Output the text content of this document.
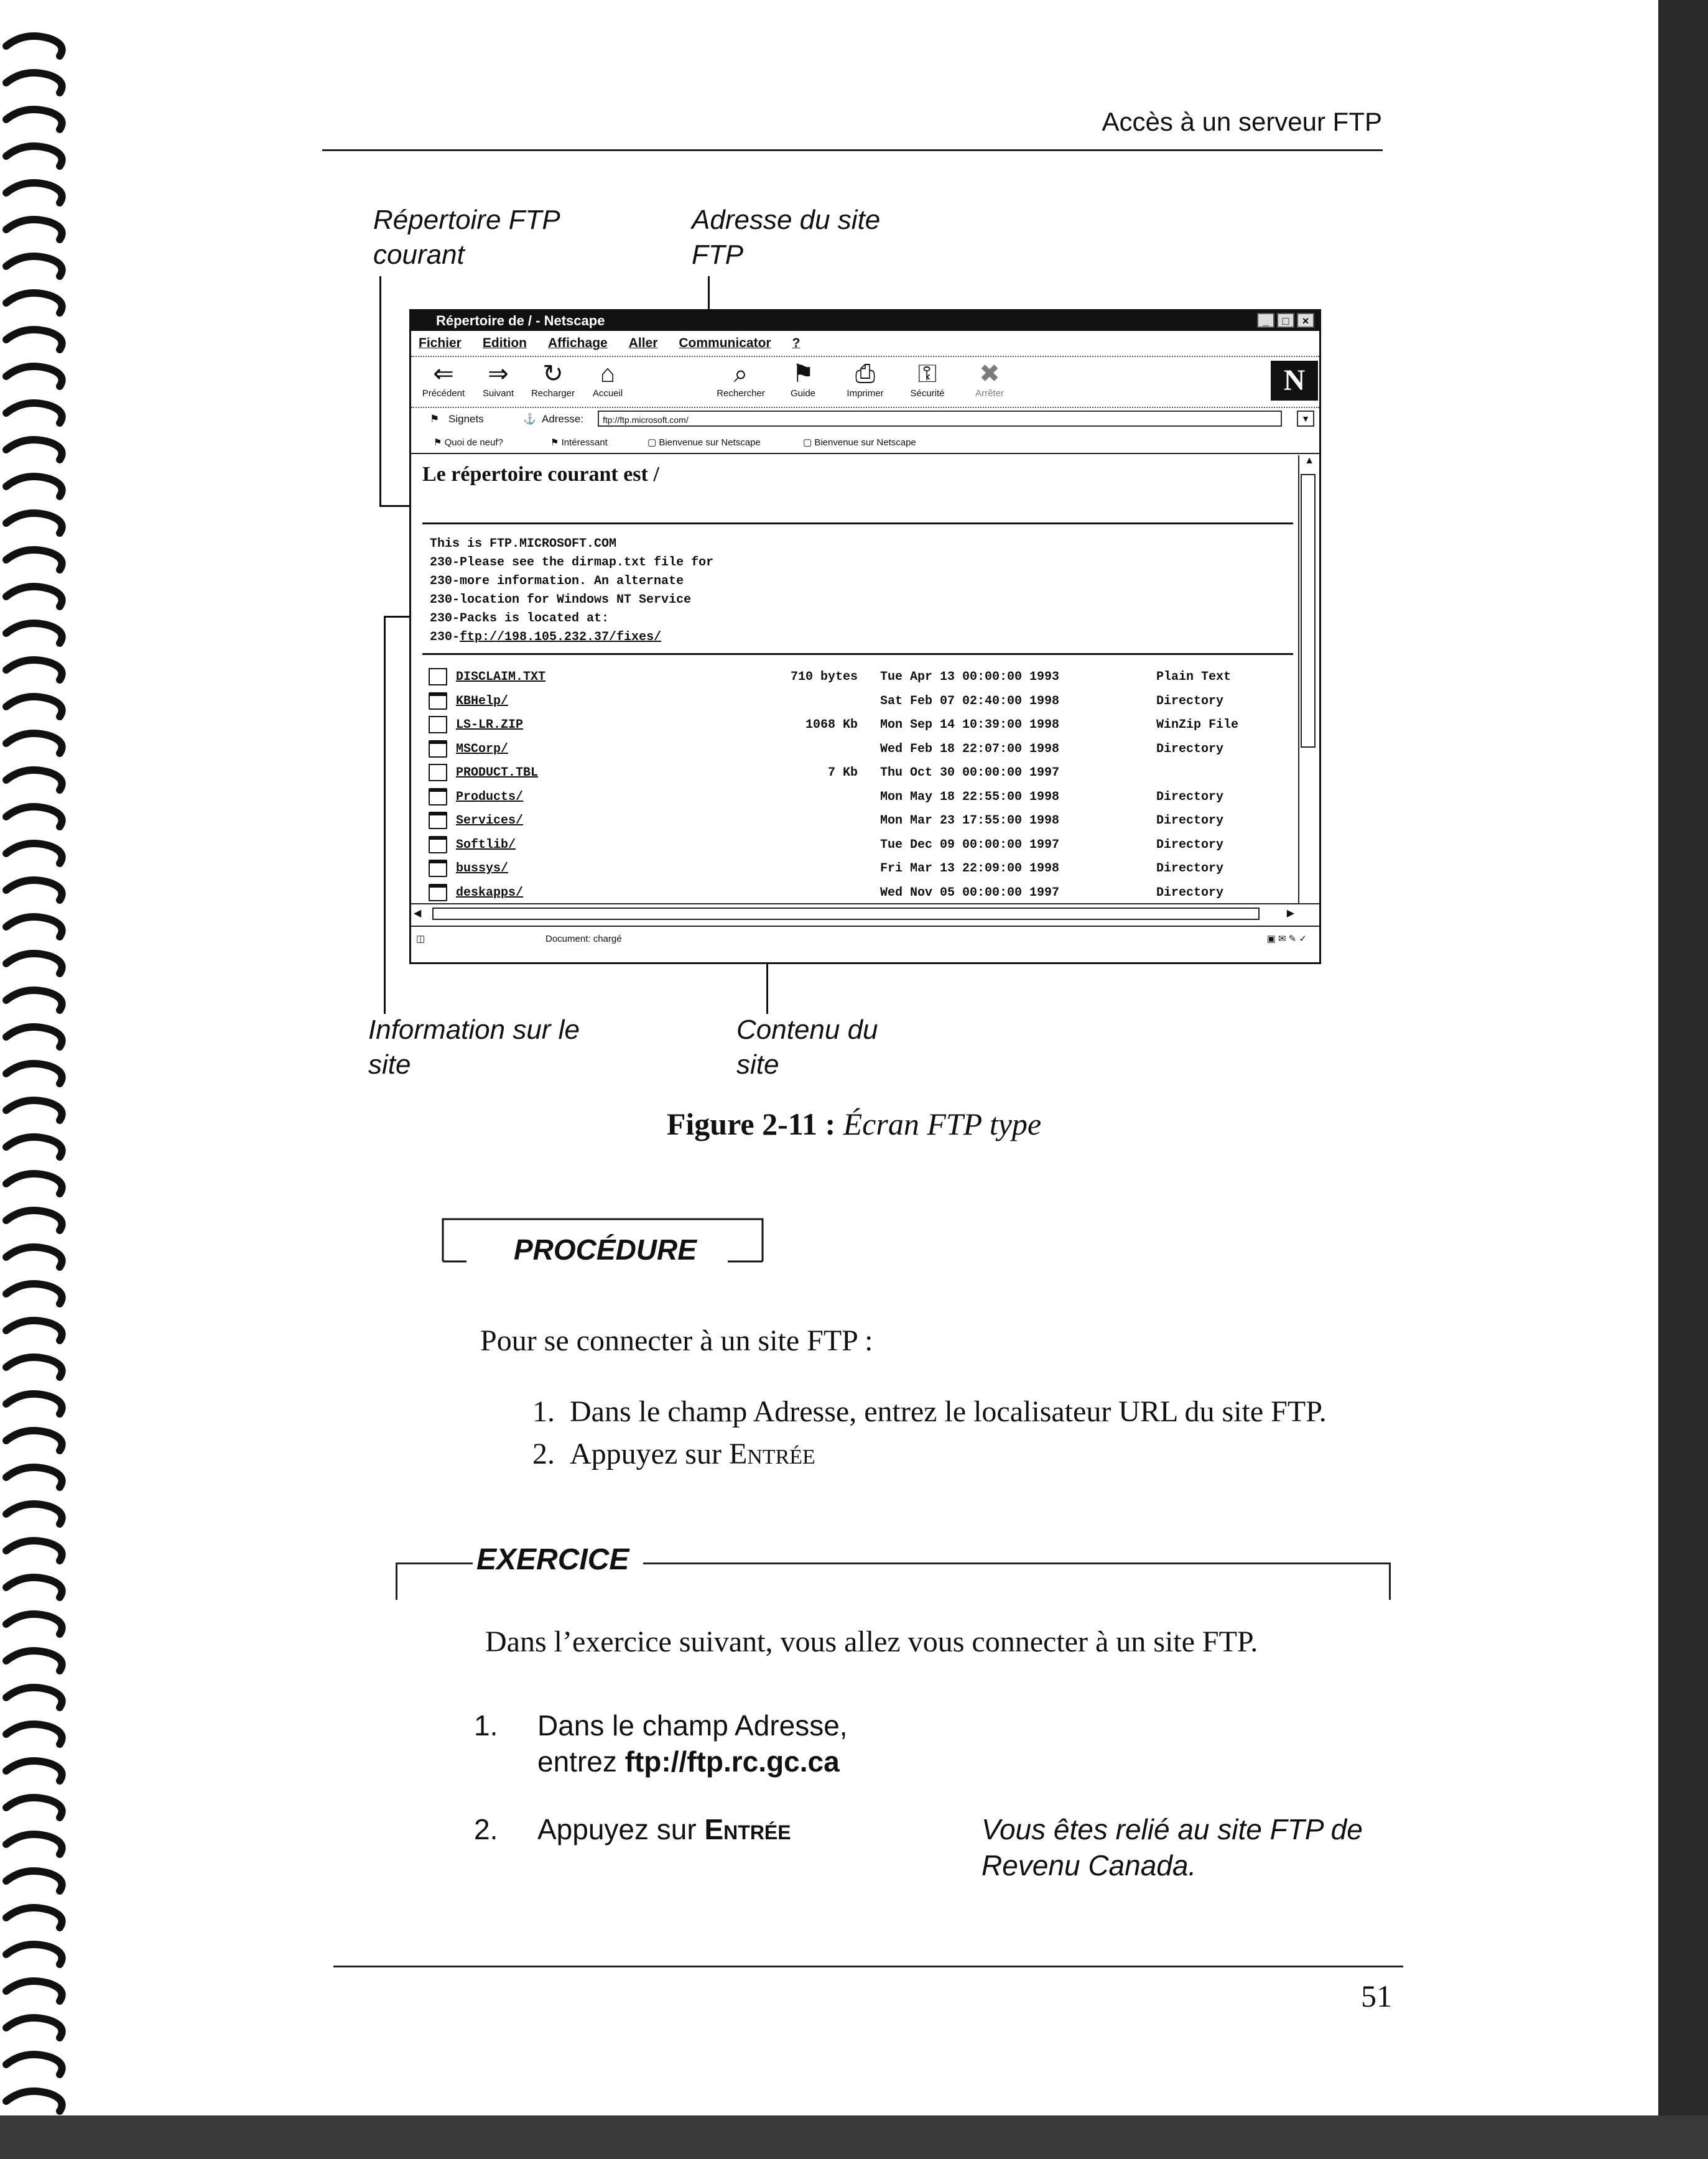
Accès à un serveur FTP
Répertoire FTP
courant
Adresse du site
FTP
Information sur le
site
Contenu du
site
Répertoire de / - Netscape	_	□	×
Fichier Edition Affichage Aller Communicator ?
⇐
Précédent
⇒
Suivant
↻
Recharger
⌂
Accueil
⌕
Rechercher
⚑
Guide
⎙
Imprimer
⚿
Sécurité
✖
Arrêter	N
⚑ Signets	⚓ Adresse:	ftp://ftp.microsoft.com/	▼
⚑ Quoi de neuf?	⚑ Intéressant	▢ Bienvenue sur Netscape	▢ Bienvenue sur Netscape
Le répertoire courant est /
This is FTP.MICROSOFT.COM
230-Please see the dirmap.txt file for
230-more information. An alternate
230-location for Windows NT Service
230-Packs is located at:
230-ftp://198.105.232.37/fixes/
DISCLAIM.TXT	710 bytes Tue Apr 13 00:00:00 1993	Plain Text
KBHelp/	Sat Feb 07 02:40:00 1998	Directory
LS-LR.ZIP	1068 Kb Mon Sep 14 10:39:00 1998	WinZip File
MSCorp/	Wed Feb 18 22:07:00 1998	Directory
PRODUCT.TBL	7 Kb Thu Oct 30 00:00:00 1997
Products/	Mon May 18 22:55:00 1998	Directory
Services/	Mon Mar 23 17:55:00 1998	Directory
Softlib/	Tue Dec 09 00:00:00 1997	Directory
bussys/	Fri Mar 13 22:09:00 1998	Directory
deskapps/	Wed Nov 05 00:00:00 1997	Directory
▲
◀	▶
◫	Document: chargé	▣ ✉ ✎ ✓
Figure 2-11 : Écran FTP type
PROCÉDURE
Pour se connecter à un site FTP :
1. Dans le champ Adresse, entrez le localisateur URL du site FTP.
2. Appuyez sur Entrée
EXERCICE
Dans l’exercice suivant, vous allez vous connecter à un site FTP.
1. Dans le champ Adresse,
entrez ftp://ftp.rc.gc.ca
2. Appuyez sur Entrée	Vous êtes relié au site FTP de
Revenu Canada.
51
